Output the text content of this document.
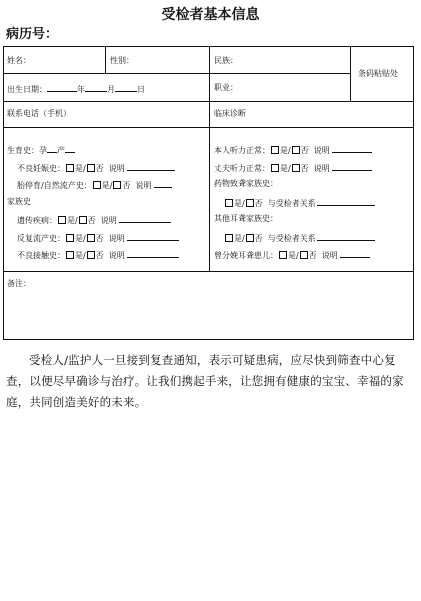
受检者基本信息
病历号：
姓名：	性别：	民族：
条码粘贴处
出生日期：	年	月	日	职业：
联系电话（手机）	临床诊断
生育史：孕 产
不良妊娠史： 是/ 否 说明
胎停育/自然流产史： 是/ 否 说明
家族史
遗传疾病： 是/ 否 说明
反复流产史： 是/ 否 说明
不良接触史： 是/ 否 说明
本人听力正常： 是/ 否 说明
丈夫听力正常： 是/ 否 说明
药物致聋家族史：
是/ 否 与受检者关系
其他耳聋家族史：
是/ 否 与受检者关系
曾分娩耳聋患儿： 是/ 否 说明
备注：
受检人/监护人一旦接到复查通知，表示可疑患病，应尽快到筛查中心复查，以便尽早确诊与治疗。让我们携起手来，让您拥有健康的宝宝、幸福的家庭，共同创造美好的未来。
